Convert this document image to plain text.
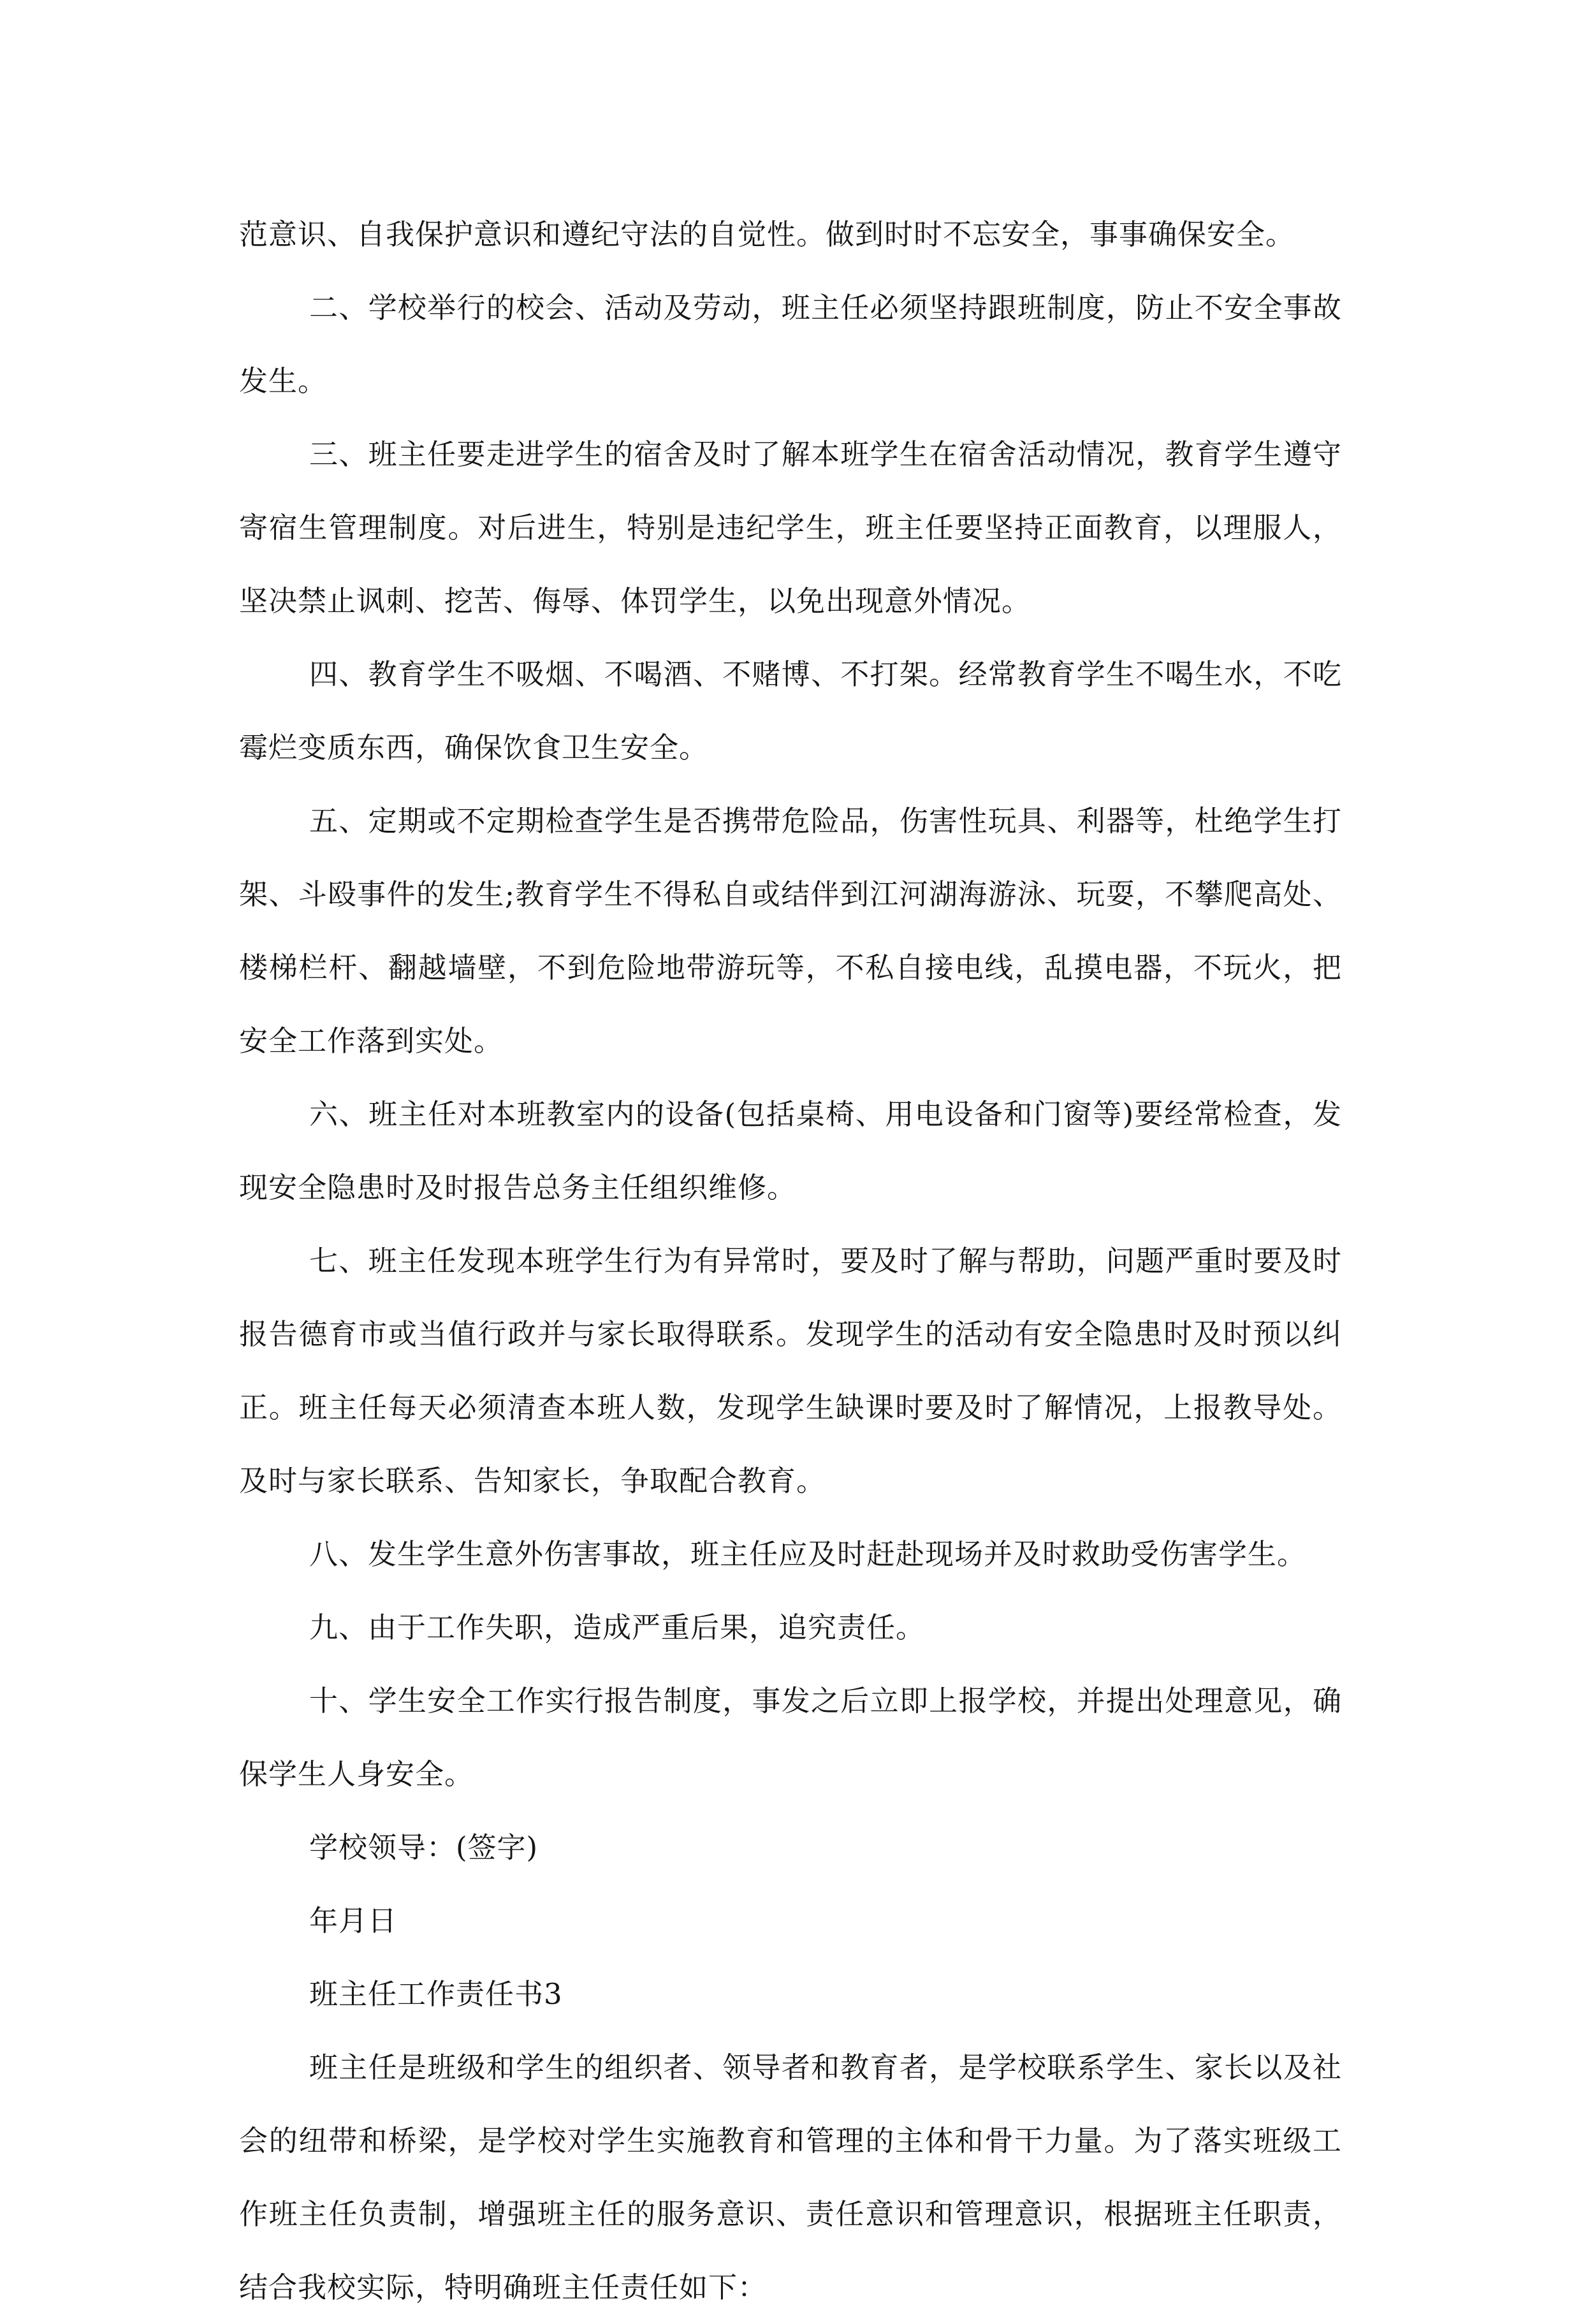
范意识、自我保护意识和遵纪守法的自觉性。做到时时不忘安全，事事确保安全。

二、学校举行的校会、活动及劳动，班主任必须坚持跟班制度，防止不安全事故发生。

三、班主任要走进学生的宿舍及时了解本班学生在宿舍活动情况，教育学生遵守寄宿生管理制度。对后进生，特别是违纪学生，班主任要坚持正面教育，以理服人，坚决禁止讽刺、挖苦、侮辱、体罚学生，以免出现意外情况。

四、教育学生不吸烟、不喝酒、不赌博、不打架。经常教育学生不喝生水，不吃霉烂变质东西，确保饮食卫生安全。

五、定期或不定期检查学生是否携带危险品，伤害性玩具、利器等，杜绝学生打架、斗殴事件的发生;教育学生不得私自或结伴到江河湖海游泳、玩耍，不攀爬高处、楼梯栏杆、翻越墙壁，不到危险地带游玩等，不私自接电线，乱摸电器，不玩火，把安全工作落到实处。

六、班主任对本班教室内的设备(包括桌椅、用电设备和门窗等)要经常检查，发现安全隐患时及时报告总务主任组织维修。

七、班主任发现本班学生行为有异常时，要及时了解与帮助，问题严重时要及时报告德育市或当值行政并与家长取得联系。发现学生的活动有安全隐患时及时预以纠正。班主任每天必须清查本班人数，发现学生缺课时要及时了解情况，上报教导处。及时与家长联系、告知家长，争取配合教育。

八、发生学生意外伤害事故，班主任应及时赶赴现场并及时救助受伤害学生。

九、由于工作失职，造成严重后果，追究责任。

十、学生安全工作实行报告制度，事发之后立即上报学校，并提出处理意见，确保学生人身安全。

学校领导：(签字)

年月日

班主任工作责任书3

班主任是班级和学生的组织者、领导者和教育者，是学校联系学生、家长以及社会的纽带和桥梁，是学校对学生实施教育和管理的主体和骨干力量。为了落实班级工作班主任负责制，增强班主任的服务意识、责任意识和管理意识，根据班主任职责，结合我校实际，特明确班主任责任如下：
